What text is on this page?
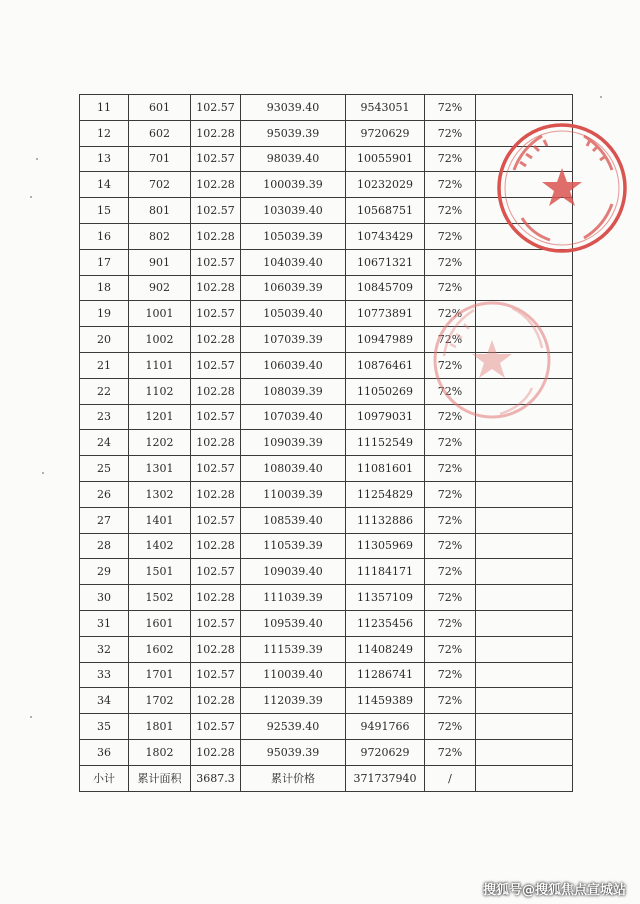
11	601	102.57	93039.40	9543051	72%	
12	602	102.28	95039.39	9720629	72%	
13	701	102.57	98039.40	10055901	72%	
14	702	102.28	100039.39	10232029	72%	
15	801	102.57	103039.40	10568751	72%	
16	802	102.28	105039.39	10743429	72%	
17	901	102.57	104039.40	10671321	72%	
18	902	102.28	106039.39	10845709	72%	
19	1001	102.57	105039.40	10773891	72%	
20	1002	102.28	107039.39	10947989	72%	
21	1101	102.57	106039.40	10876461	72%	
22	1102	102.28	108039.39	11050269	72%	
23	1201	102.57	107039.40	10979031	72%	
24	1202	102.28	109039.39	11152549	72%	
25	1301	102.57	108039.40	11081601	72%	
26	1302	102.28	110039.39	11254829	72%	
27	1401	102.57	108539.40	11132886	72%	
28	1402	102.28	110539.39	11305969	72%	
29	1501	102.57	109039.40	11184171	72%	
30	1502	102.28	111039.39	11357109	72%	
31	1601	102.57	109539.40	11235456	72%	
32	1602	102.28	111539.39	11408249	72%	
33	1701	102.57	110039.40	11286741	72%	
34	1702	102.28	112039.39	11459389	72%	
35	1801	102.57	92539.40	9491766	72%	
36	1802	102.28	95039.39	9720629	72%	
小计	累计面积	3687.3	累计价格	371737940	/	
搜狐号@搜狐焦点宣城站
